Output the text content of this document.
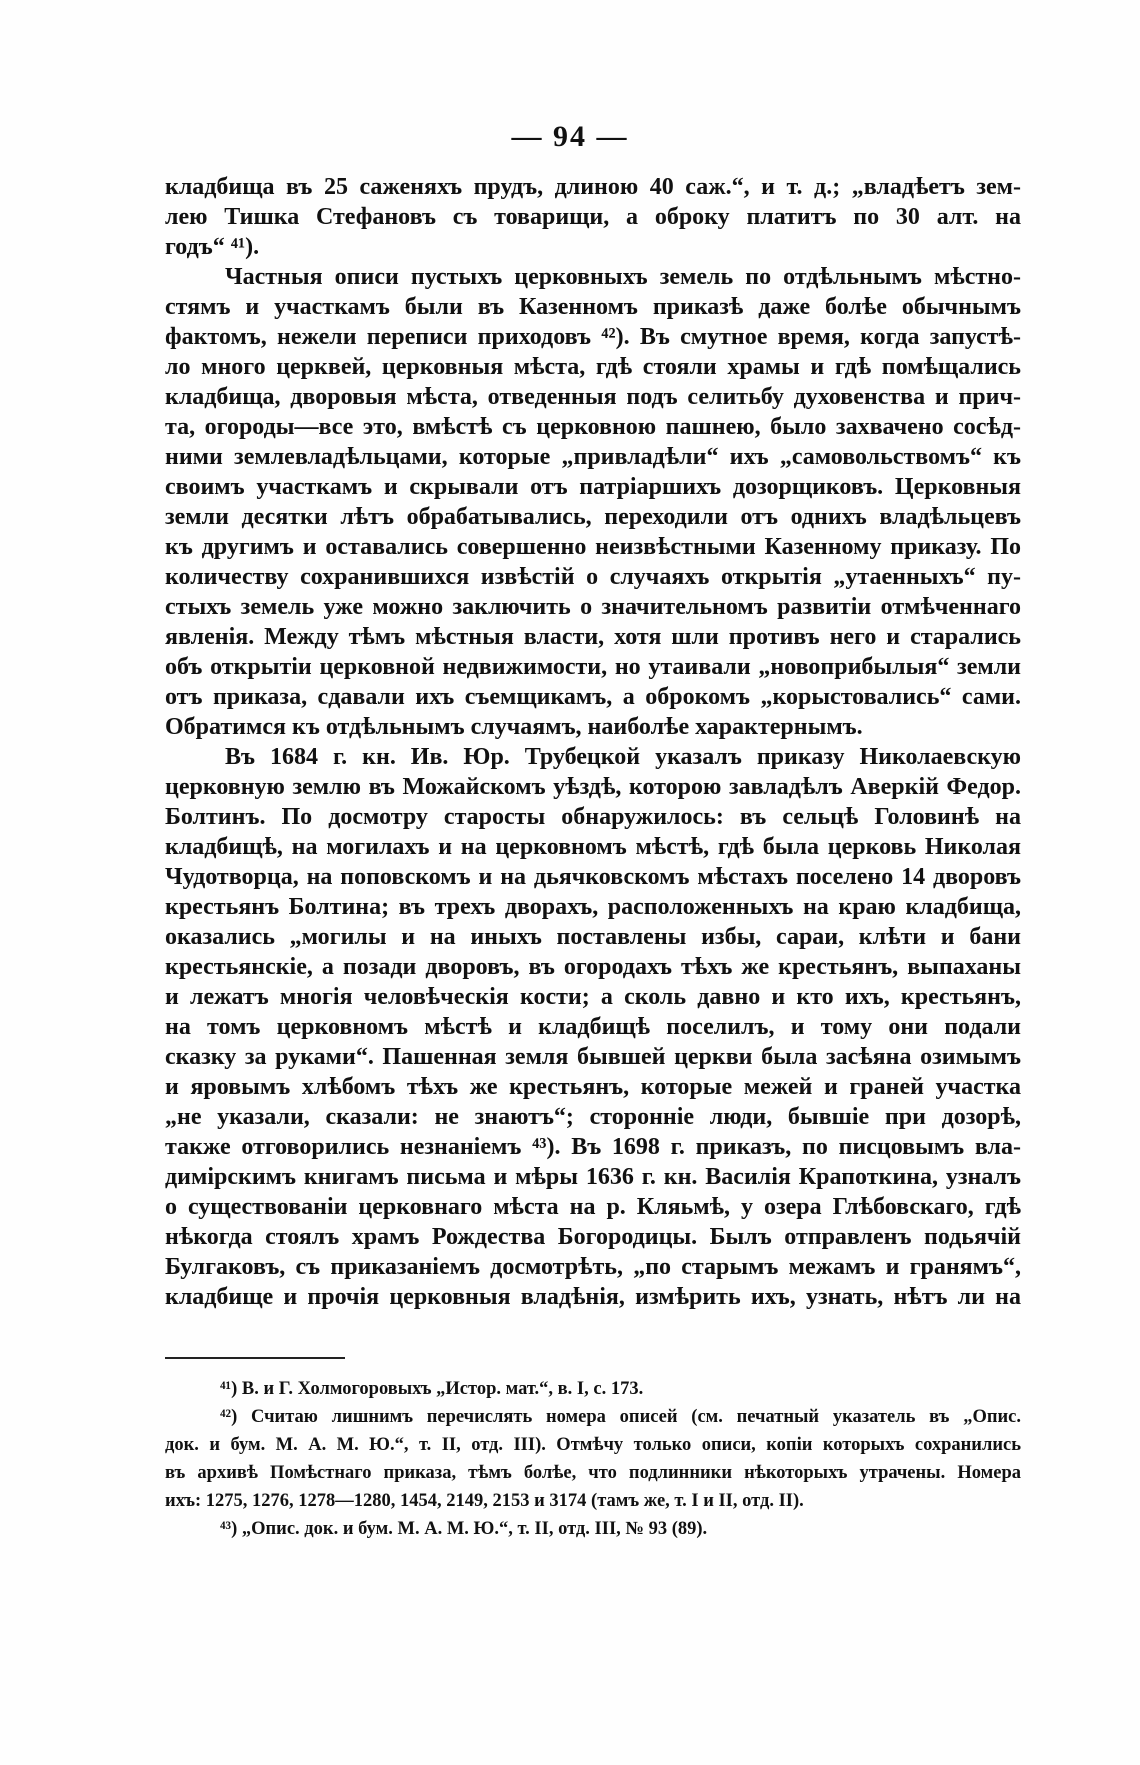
— 94 —
кладбища въ 25 саженяхъ прудъ, длиною 40 саж.“, и т. д.; „владѣетъ зем-
лею Тишка Стефановъ съ товарищи, а оброку платитъ по 30 алт. на
годъ“ ⁴¹).
Частныя описи пустыхъ церковныхъ земель по отдѣльнымъ мѣстно-
стямъ и участкамъ были въ Казенномъ приказѣ даже болѣе обычнымъ
фактомъ, нежели переписи приходовъ ⁴²). Въ смутное время, когда запустѣ-
ло много церквей, церковныя мѣста, гдѣ стояли храмы и гдѣ помѣщались
кладбища, дворовыя мѣста, отведенныя подъ селитьбу духовенства и прич-
та, огороды—все это, вмѣстѣ съ церковною пашнею, было захвачено сосѣд-
ними землевладѣльцами, которые „привладѣли“ ихъ „самовольствомъ“ къ
своимъ участкамъ и скрывали отъ патріаршихъ дозорщиковъ. Церковныя
земли десятки лѣтъ обрабатывались, переходили отъ однихъ владѣльцевъ
къ другимъ и оставались совершенно неизвѣстными Казенному приказу. По
количеству сохранившихся извѣстій о случаяхъ открытія „утаенныхъ“ пу-
стыхъ земель уже можно заключить о значительномъ развитіи отмѣченнаго
явленія. Между тѣмъ мѣстныя власти, хотя шли противъ него и старались
объ открытіи церковной недвижимости, но утаивали „новоприбылыя“ земли
отъ приказа, сдавали ихъ съемщикамъ, а оброкомъ „корыстовались“ сами.
Обратимся къ отдѣльнымъ случаямъ, наиболѣе характернымъ.
Въ 1684 г. кн. Ив. Юр. Трубецкой указалъ приказу Николаевскую
церковную землю въ Можайскомъ уѣздѣ, которою завладѣлъ Аверкій Федор.
Болтинъ. По досмотру старосты обнаружилось: въ сельцѣ Головинѣ на
кладбищѣ, на могилахъ и на церковномъ мѣстѣ, гдѣ была церковь Николая
Чудотворца, на поповскомъ и на дьячковскомъ мѣстахъ поселено 14 дворовъ
крестьянъ Болтина; въ трехъ дворахъ, расположенныхъ на краю кладбища,
оказались „могилы и на иныхъ поставлены избы, сараи, клѣти и бани
крестьянскіе, а позади дворовъ, въ огородахъ тѣхъ же крестьянъ, выпаханы
и лежатъ многія человѣческія кости; а сколь давно и кто ихъ, крестьянъ,
на томъ церковномъ мѣстѣ и кладбищѣ поселилъ, и тому они подали
сказку за руками“. Пашенная земля бывшей церкви была засѣяна озимымъ
и яровымъ хлѣбомъ тѣхъ же крестьянъ, которые межей и граней участка
„не указали, сказали: не знаютъ“; сторонніе люди, бывшіе при дозорѣ,
также отговорились незнаніемъ ⁴³). Въ 1698 г. приказъ, по писцовымъ вла-
димірскимъ книгамъ письма и мѣры 1636 г. кн. Василія Крапоткина, узналъ
о существованіи церковнаго мѣста на р. Кляьмѣ, у озера Глѣбовскаго, гдѣ
нѣкогда стоялъ храмъ Рождества Богородицы. Былъ отправленъ подьячій
Булгаковъ, съ приказаніемъ досмотрѣть, „по старымъ межамъ и гранямъ“,
кладбище и прочія церковныя владѣнія, измѣрить ихъ, узнать, нѣтъ ли на
⁴¹) В. и Г. Холмогоровыхъ „Истор. мат.“, в. I, с. 173.
⁴²) Считаю лишнимъ перечислять номера описей (см. печатный указатель въ „Опис.
док. и бум. М. А. М. Ю.“, т. II, отд. III). Отмѣчу только описи, копіи которыхъ сохранились
въ архивѣ Помѣстнаго приказа, тѣмъ болѣе, что подлинники нѣкоторыхъ утрачены. Номера
ихъ: 1275, 1276, 1278—1280, 1454, 2149, 2153 и 3174 (тамъ же, т. I и II, отд. II).
⁴³) „Опис. док. и бум. М. А. М. Ю.“, т. II, отд. III, № 93 (89).
